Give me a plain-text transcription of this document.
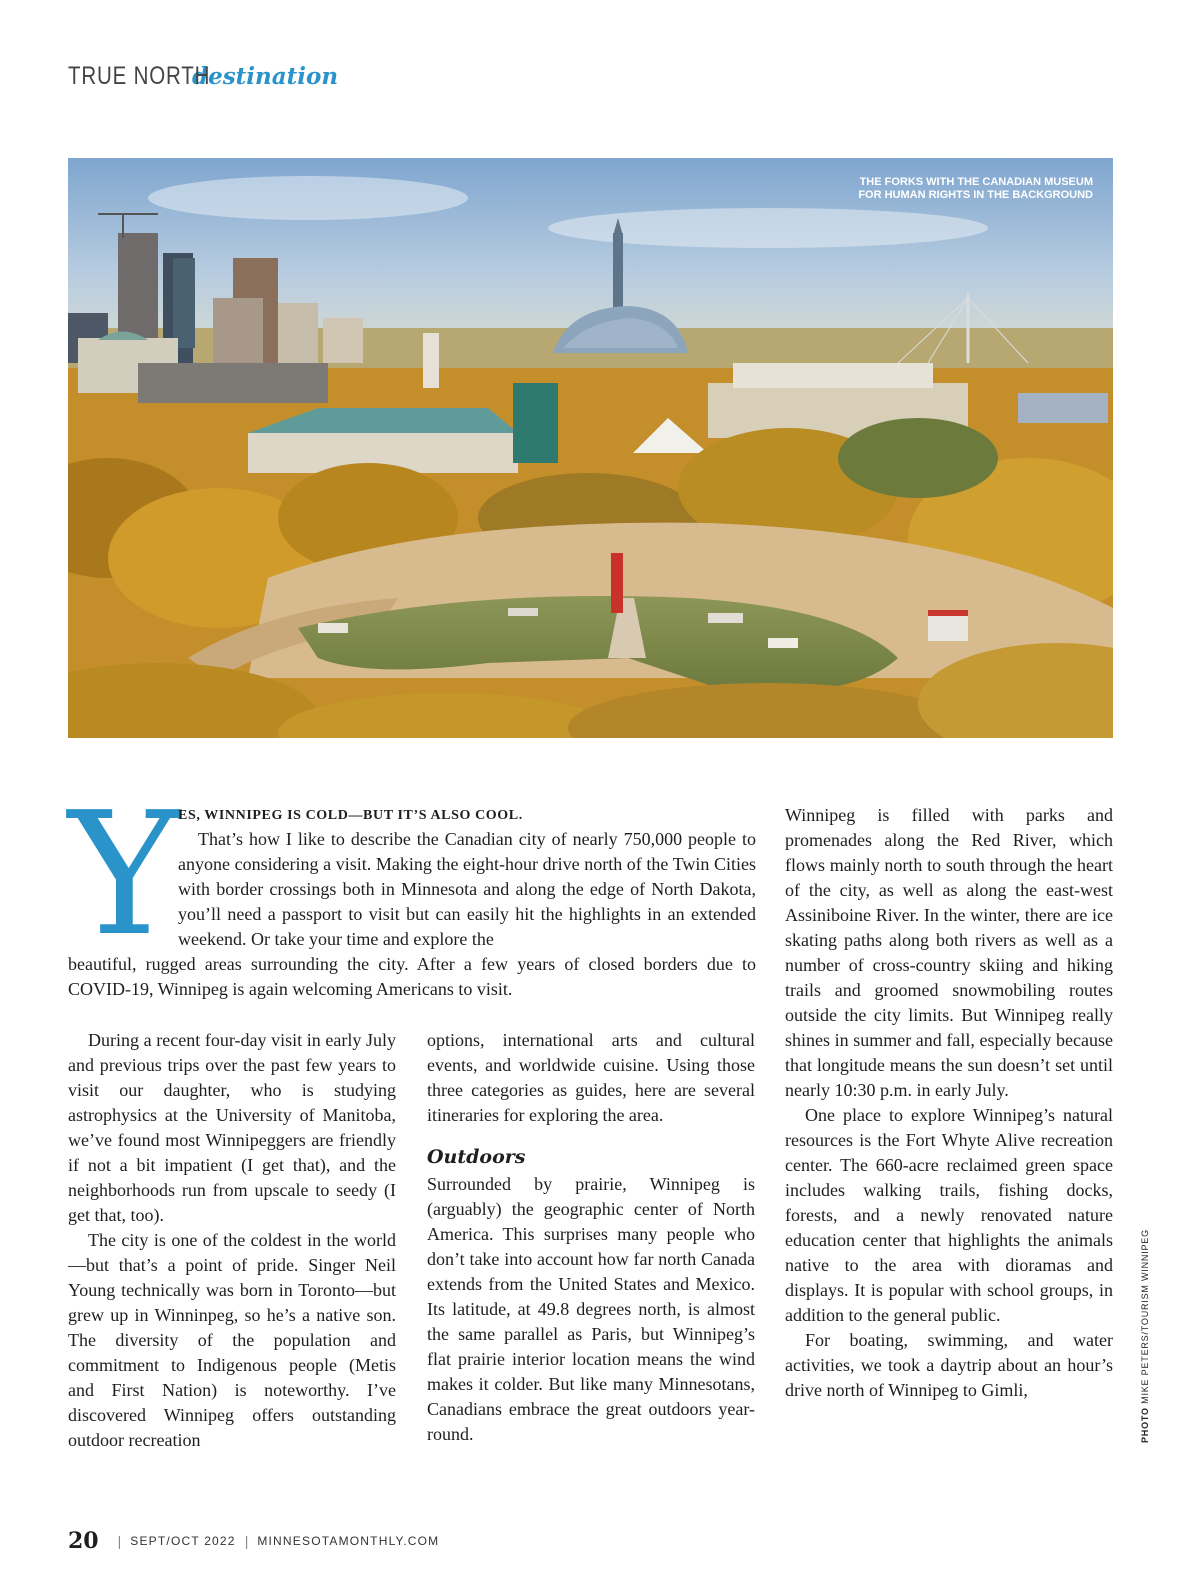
TRUE NORTH
destination
THE FORKS WITH THE CANADIAN MUSEUM FOR HUMAN RIGHTS IN THE BACKGROUND
Y
ES, WINNIPEG IS COLD—BUT IT’S ALSO COOL.

That’s how I like to describe the Canadian city of nearly 750,000 people to anyone considering a visit. Making the eight-hour drive north of the Twin Cities with border crossings both in Minnesota and along the edge of North Dakota, you’ll need a passport to visit but can easily hit the highlights in an extended weekend. Or take your time and explore the

beautiful, rugged areas surrounding the city. After a few years of closed borders due to COVID-19, Winnipeg is again welcoming Americans to visit.

During a recent four-day visit in early July and previous trips over the past few years to visit our daughter, who is studying astrophysics at the University of Manitoba, we’ve found most Winnipeggers are friendly if not a bit impatient (I get that), and the neighborhoods run from upscale to seedy (I get that, too).

The city is one of the coldest in the world—but that’s a point of pride. Singer Neil Young technically was born in Toronto—but grew up in Winninpeg, so he’s a native son. The diversity of the population and commitment to Indigenous people (Metis and First Nation) is noteworthy. I’ve discovered Winnipeg offers outstanding outdoor recreation

options, international arts and cultural events, and worldwide cuisine. Using those three categories as guides, here are several itineraries for exploring the area.

Outdoors

Surrounded by prairie, Winnipeg is (arguably) the geographic center of North America. This surprises many people who don’t take into account how far north Canada extends from the United States and Mexico. Its latitude, at 49.8 degrees north, is almost the same parallel as Paris, but Winnipeg’s flat prairie interior location means the wind makes it colder. But like many Minnesotans, Canadians embrace the great outdoors year-round.

Winnipeg is filled with parks and promenades along the Red River, which flows mainly north to south through the heart of the city, as well as along the east-west Assiniboine River. In the winter, there are ice skating paths along both rivers as well as a number of cross-country skiing and hiking trails and groomed snowmobiling routes outside the city limits. But Winnipeg really shines in summer and fall, especially because that longitude means the sun doesn’t set until nearly 10:30 p.m. in early July.

One place to explore Winnipeg’s natural resources is the Fort Whyte Alive recreation center. The 660-acre reclaimed green space includes walking trails, fishing docks, forests, and a newly renovated nature education center that highlights the animals native to the area with dioramas and displays. It is popular with school groups, in addition to the general public.

For boating, swimming, and water activities, we took a daytrip about an hour’s drive north of Winnipeg to Gimli,

PHOTO MIKE PETERS/TOURISM WINNIPEG
20 | SEPT/OCT 2022 | MINNESOTAMONTHLY.COM
